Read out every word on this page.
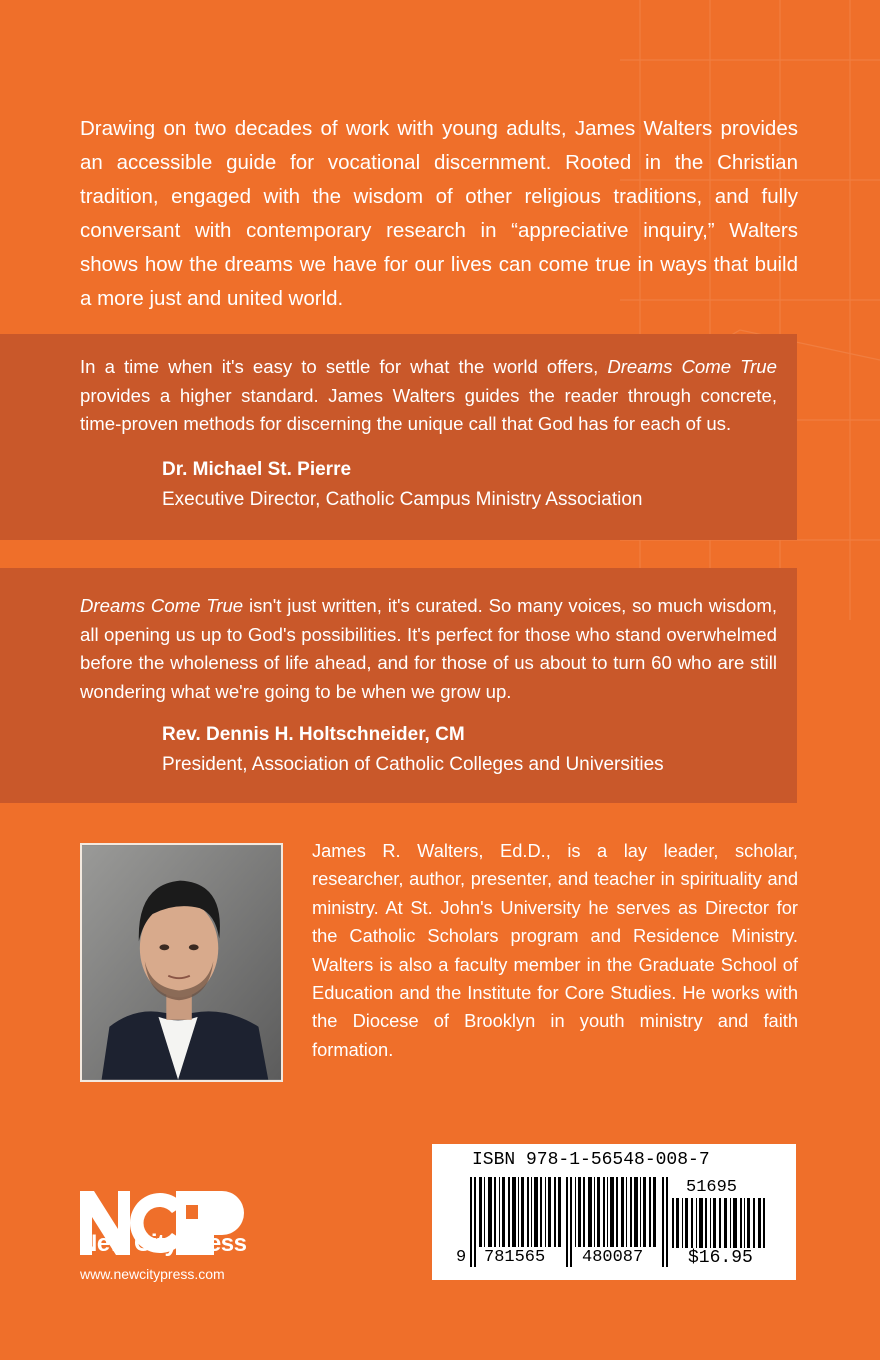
Drawing on two decades of work with young adults, James Walters provides an accessible guide for vocational discernment. Rooted in the Christian tradition, engaged with the wisdom of other religious traditions, and fully conversant with contemporary research in “appreciative inquiry,” Walters shows how the dreams we have for our lives can come true in ways that build a more just and united world.

In a time when it's easy to settle for what the world offers, Dreams Come True provides a higher standard. James Walters guides the reader through concrete, time-proven methods for discerning the unique call that God has for each of us.

Dr. Michael St. Pierre
Executive Director, Catholic Campus Ministry Association

Dreams Come True isn't just written, it's curated. So many voices, so much wisdom, all opening us up to God's possibilities. It's perfect for those who stand overwhelmed before the wholeness of life ahead, and for those of us about to turn 60 who are still wondering what we're going to be when we grow up.

Rev. Dennis H. Holtschneider, CM
President, Association of Catholic Colleges and Universities

James R. Walters, Ed.D., is a lay leader, scholar, researcher, author, presenter, and teacher in spirituality and ministry. At St. John's University he serves as Director for the Catholic Scholars program and Residence Ministry. Walters is also a faculty member in the Graduate School of Education and the Institute for Core Studies. He works with the Diocese of Brooklyn in youth ministry and faith formation.

New City Press
www.newcitypress.com
ISBN 978-1-56548-008-7
51695
9 781565 480087 $16.95
